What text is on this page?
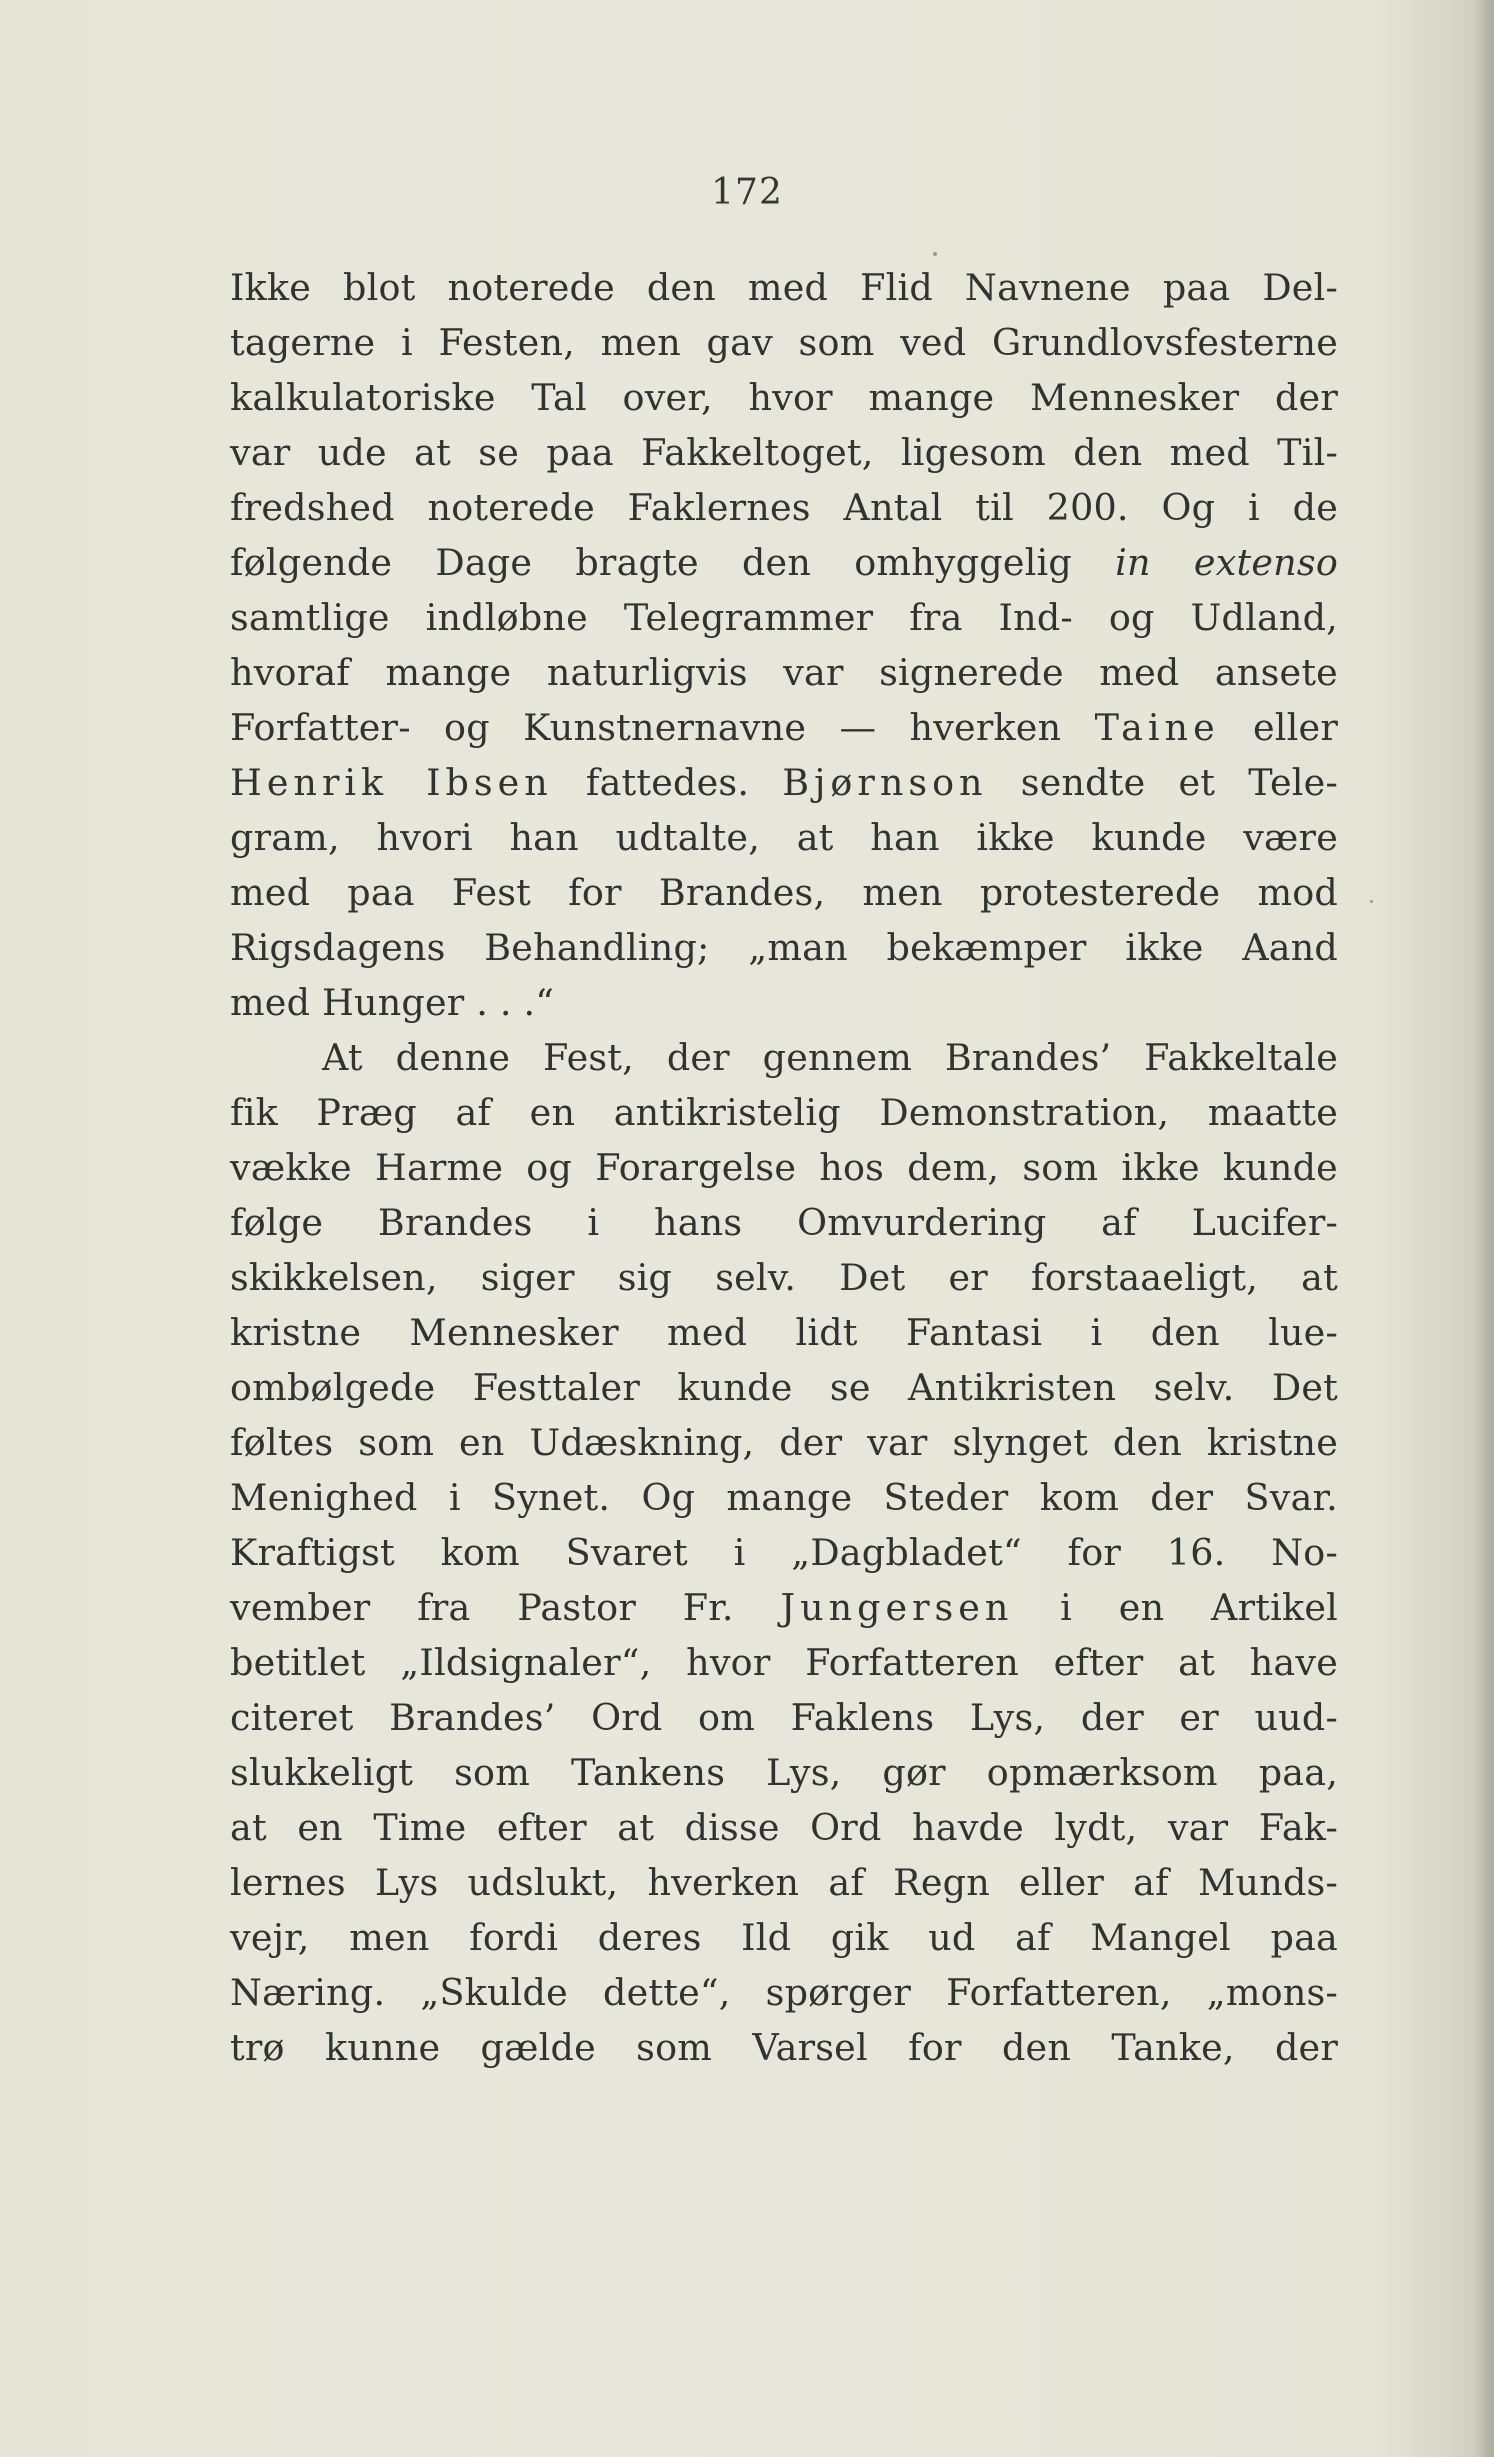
172
Ikke blot noterede den med Flid Navnene paa Del-
tagerne i Festen, men gav som ved Grundlovsfesterne
kalkulatoriske Tal over, hvor mange Mennesker der
var ude at se paa Fakkeltoget, ligesom den med Til-
fredshed noterede Faklernes Antal til 200. Og i de
følgende Dage bragte den omhyggelig in extenso
samtlige indløbne Telegrammer fra Ind- og Udland,
hvoraf mange naturligvis var signerede med ansete
Forfatter- og Kunstnernavne — hverken Taine eller
Henrik Ibsen fattedes. Bjørnson sendte et Tele-
gram, hvori han udtalte, at han ikke kunde være
med paa Fest for Brandes, men protesterede mod
Rigsdagens Behandling; „man bekæmper ikke Aand
med Hunger . . .“
At denne Fest, der gennem Brandes’ Fakkeltale
fik Præg af en antikristelig Demonstration, maatte
vække Harme og Forargelse hos dem, som ikke kunde
følge Brandes i hans Omvurdering af Lucifer-
skikkelsen, siger sig selv. Det er forstaaeligt, at
kristne Mennesker med lidt Fantasi i den lue-
ombølgede Festtaler kunde se Antikristen selv. Det
føltes som en Udæskning, der var slynget den kristne
Menighed i Synet. Og mange Steder kom der Svar.
Kraftigst kom Svaret i „Dagbladet“ for 16. No-
vember fra Pastor Fr. Jungersen i en Artikel
betitlet „Ildsignaler“, hvor Forfatteren efter at have
citeret Brandes’ Ord om Faklens Lys, der er uud-
slukkeligt som Tankens Lys, gør opmærksom paa,
at en Time efter at disse Ord havde lydt, var Fak-
lernes Lys udslukt, hverken af Regn eller af Munds-
vejr, men fordi deres Ild gik ud af Mangel paa
Næring. „Skulde dette“, spørger Forfatteren, „mons-
trø kunne gælde som Varsel for den Tanke, der
